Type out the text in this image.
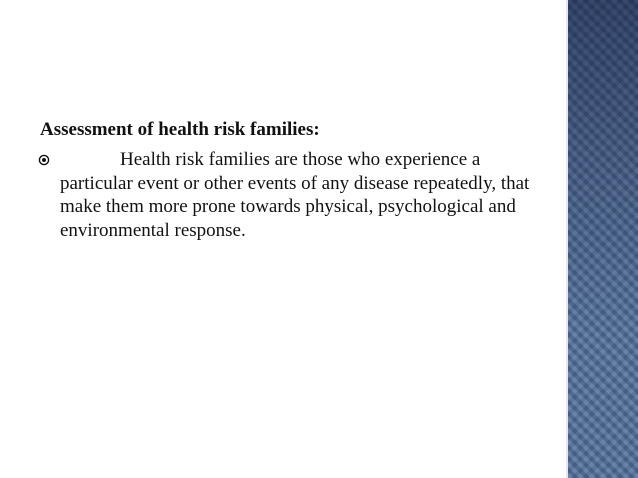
Assessment of health risk families:
Health risk families are those who experience a particular event or other events of any disease repeatedly, that make them more prone towards physical, psychological and environmental response.
